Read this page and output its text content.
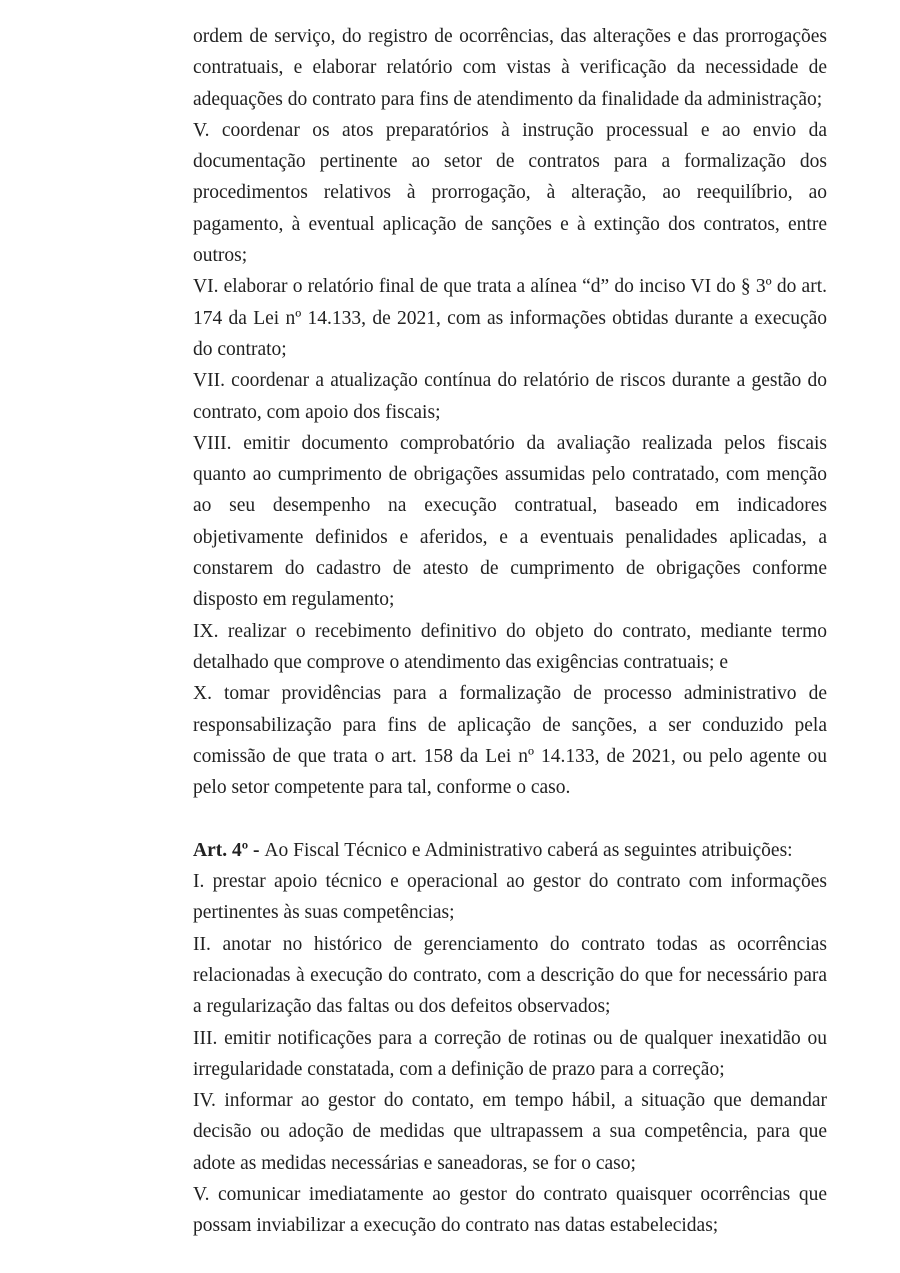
ordem de serviço, do registro de ocorrências, das alterações e das prorrogações contratuais, e elaborar relatório com vistas à verificação da necessidade de adequações do contrato para fins de atendimento da finalidade da administração;

V. coordenar os atos preparatórios à instrução processual e ao envio da documentação pertinente ao setor de contratos para a formalização dos procedimentos relativos à prorrogação, à alteração, ao reequilíbrio, ao pagamento, à eventual aplicação de sanções e à extinção dos contratos, entre outros;

VI. elaborar o relatório final de que trata a alínea “d” do inciso VI do § 3º do art. 174 da Lei nº 14.133, de 2021, com as informações obtidas durante a execução do contrato;

VII. coordenar a atualização contínua do relatório de riscos durante a gestão do contrato, com apoio dos fiscais;

VIII. emitir documento comprobatório da avaliação realizada pelos fiscais quanto ao cumprimento de obrigações assumidas pelo contratado, com menção ao seu desempenho na execução contratual, baseado em indicadores objetivamente definidos e aferidos, e a eventuais penalidades aplicadas, a constarem do cadastro de atesto de cumprimento de obrigações conforme disposto em regulamento;

IX. realizar o recebimento definitivo do objeto do contrato, mediante termo detalhado que comprove o atendimento das exigências contratuais; e

X. tomar providências para a formalização de processo administrativo de responsabilização para fins de aplicação de sanções, a ser conduzido pela comissão de que trata o art. 158 da Lei nº 14.133, de 2021, ou pelo agente ou pelo setor competente para tal, conforme o caso.

Art. 4º - Ao Fiscal Técnico e Administrativo caberá as seguintes atribuições:

I. prestar apoio técnico e operacional ao gestor do contrato com informações pertinentes às suas competências;

II. anotar no histórico de gerenciamento do contrato todas as ocorrências relacionadas à execução do contrato, com a descrição do que for necessário para a regularização das faltas ou dos defeitos observados;

III. emitir notificações para a correção de rotinas ou de qualquer inexatidão ou irregularidade constatada, com a definição de prazo para a correção;

IV. informar ao gestor do contato, em tempo hábil, a situação que demandar decisão ou adoção de medidas que ultrapassem a sua competência, para que adote as medidas necessárias e saneadoras, se for o caso;

V. comunicar imediatamente ao gestor do contrato quaisquer ocorrências que possam inviabilizar a execução do contrato nas datas estabelecidas;
